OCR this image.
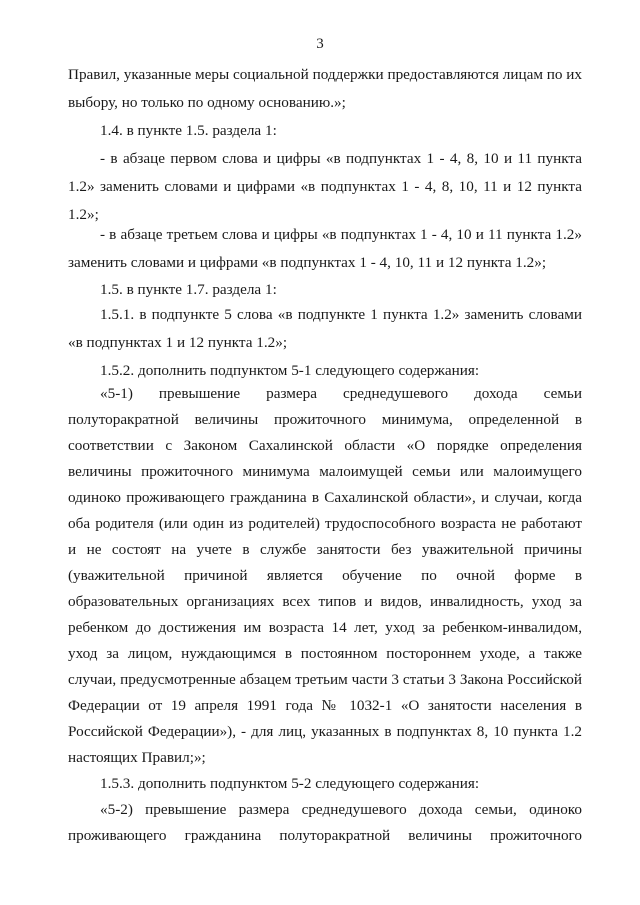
3
Правил, указанные меры социальной поддержки предоставляются лицам по их
выбору, но только по одному основанию.»;
1.4. в пункте 1.5. раздела 1:
- в абзаце первом слова и цифры «в подпунктах 1 - 4, 8, 10 и 11 пункта
1.2» заменить словами и цифрами «в подпунктах 1 - 4, 8, 10, 11 и 12 пункта
1.2»;
- в абзаце третьем слова и цифры «в подпунктах 1 - 4, 10 и 11 пункта 1.2»
заменить словами и цифрами «в подпунктах 1 - 4, 10, 11 и 12 пункта 1.2»;
1.5. в пункте 1.7. раздела 1:
1.5.1. в подпункте 5 слова «в подпункте 1 пункта 1.2» заменить словами
«в подпунктах 1 и 12 пункта 1.2»;
1.5.2. дополнить подпунктом 5-1 следующего содержания:
«5-1) превышение размера среднедушевого дохода семьи
полуторакратной величины прожиточного минимума, определенной в
соответствии с Законом Сахалинской области «О порядке определения
величины прожиточного минимума малоимущей семьи или малоимущего
одиноко проживающего гражданина в Сахалинской области», и случаи, когда
оба родителя (или один из родителей) трудоспособного возраста не работают
и не состоят на учете в службе занятости без уважительной причины
(уважительной причиной является обучение по очной форме в
образовательных организациях всех типов и видов, инвалидность, уход за
ребенком до достижения им возраста 14 лет, уход за ребенком-инвалидом,
уход за лицом, нуждающимся в постоянном постороннем уходе, а также
случаи, предусмотренные абзацем третьим части 3 статьи 3 Закона Российской
Федерации от 19 апреля 1991 года № 1032-1 «О занятости населения в
Российской Федерации»), - для лиц, указанных в подпунктах 8, 10 пункта 1.2
настоящих Правил;»;
1.5.3. дополнить подпунктом 5-2 следующего содержания:
«5-2) превышение размера среднедушевого дохода семьи, одиноко
проживающего гражданина полуторакратной величины прожиточного
